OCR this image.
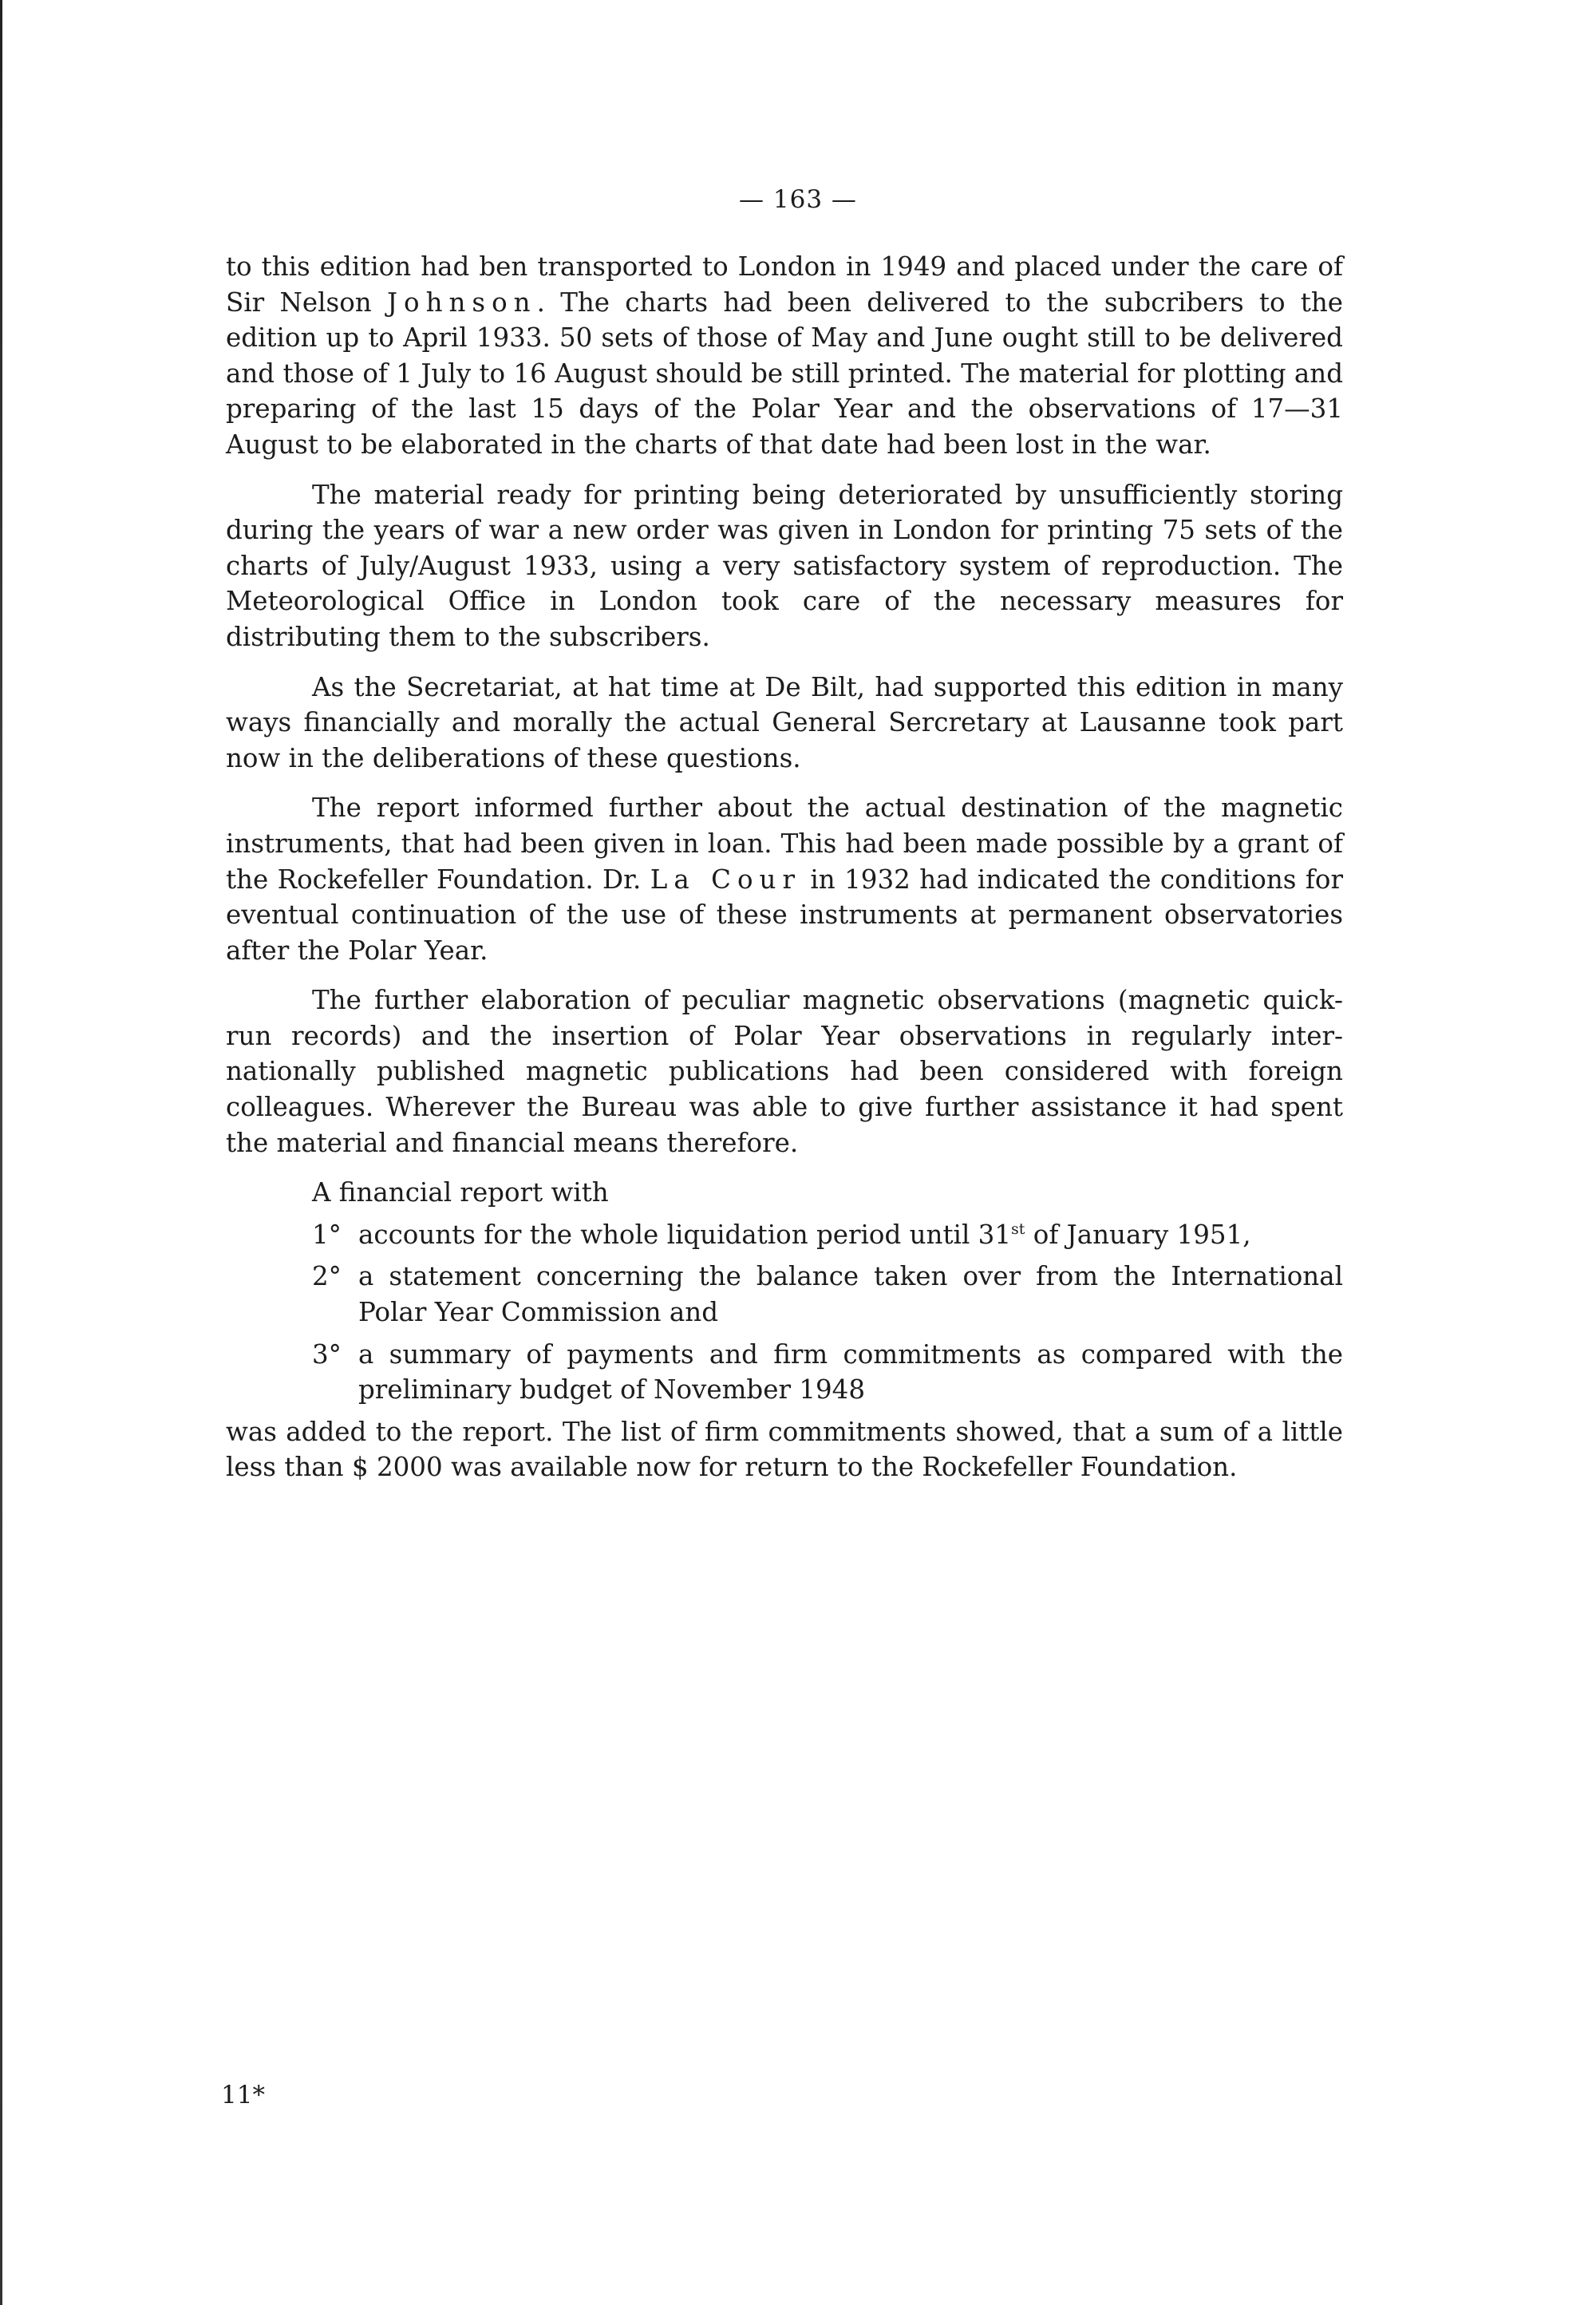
— 163 —

to this edition had ben transported to London in 1949 and placed under the care of Sir Nelson Johnson. The charts had been delivered to the subcribers to the edition up to April 1933. 50 sets of those of May and June ought still to be delivered and those of 1 July to 16 August should be still printed. The material for plotting and preparing of the last 15 days of the Polar Year and the observations of 17—31 August to be elaborated in the charts of that date had been lost in the war.

The material ready for printing being deteriorated by unsufficiently storing during the years of war a new order was given in London for printing 75 sets of the charts of July/August 1933, using a very satisfactory system of reproduction. The Meteorological Office in London took care of the necessary measures for distributing them to the subscribers.

As the Secretariat, at hat time at De Bilt, had supported this edition in many ways financially and morally the actual General Sercretary at Lausanne took part now in the deliberations of these questions.

The report informed further about the actual destination of the magnetic instruments, that had been given in loan. This had been made possible by a grant of the Rockefeller Foundation. Dr. La Cour in 1932 had indicated the conditions for eventual continuation of the use of these instruments at permanent observatories after the Polar Year.

The further elaboration of peculiar magnetic observations (magnetic quick-run records) and the insertion of Polar Year observations in regularly inter-nationally published magnetic publications had been considered with foreign colleagues. Wherever the Bureau was able to give further assistance it had spent the material and financial means therefore.

A financial report with
1° accounts for the whole liquidation period until 31st of January 1951,
2° a statement concerning the balance taken over from the International Polar Year Commission and
3° a summary of payments and firm commitments as compared with the preliminary budget of November 1948

was added to the report. The list of firm commitments showed, that a sum of a little less than $ 2000 was available now for return to the Rockefeller Foundation.

11*
